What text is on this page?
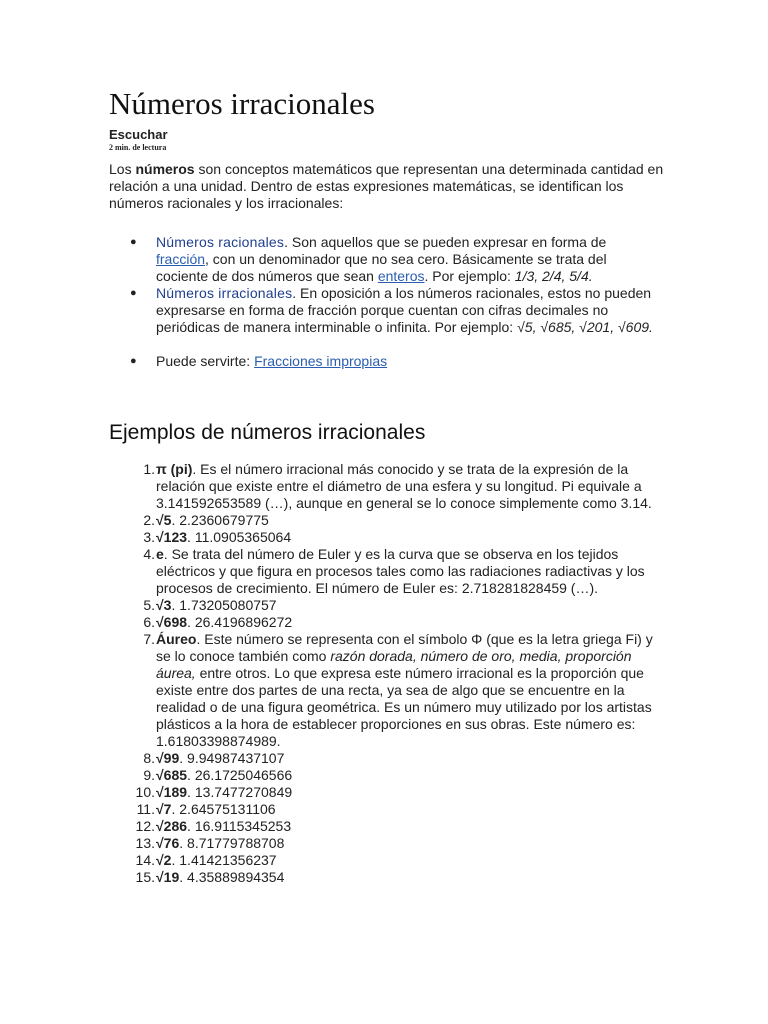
Números irracionales
Escuchar
2 min. de lectura

Los números son conceptos matemáticos que representan una determinada cantidad en relación a una unidad. Dentro de estas expresiones matemáticas, se identifican los números racionales y los irracionales:

● Números racionales. Son aquellos que se pueden expresar en forma de fracción, con un denominador que no sea cero. Básicamente se trata del cociente de dos números que sean enteros. Por ejemplo: 1/3, 2/4, 5/4.
● Números irracionales. En oposición a los números racionales, estos no pueden expresarse en forma de fracción porque cuentan con cifras decimales no periódicas de manera interminable o infinita. Por ejemplo: √5, √685, √201, √609.
● Puede servirte: Fracciones impropias
Ejemplos de números irracionales
1. π (pi). Es el número irracional más conocido y se trata de la expresión de la relación que existe entre el diámetro de una esfera y su longitud. Pi equivale a 3.141592653589 (…), aunque en general se lo conoce simplemente como 3.14.
2. √5. 2.2360679775
3. √123. 11.0905365064
4. e. Se trata del número de Euler y es la curva que se observa en los tejidos eléctricos y que figura en procesos tales como las radiaciones radiactivas y los procesos de crecimiento. El número de Euler es: 2.718281828459 (…).
5. √3. 1.73205080757
6. √698. 26.4196896272
7. Áureo. Este número se representa con el símbolo Φ (que es la letra griega Fi) y se lo conoce también como razón dorada, número de oro, media, proporción áurea, entre otros. Lo que expresa este número irracional es la proporción que existe entre dos partes de una recta, ya sea de algo que se encuentre en la realidad o de una figura geométrica. Es un número muy utilizado por los artistas plásticos a la hora de establecer proporciones en sus obras. Este número es: 1.61803398874989.
8. √99. 9.94987437107
9. √685. 26.1725046566
10. √189. 13.7477270849
11. √7. 2.64575131106
12. √286. 16.9115345253
13. √76. 8.71779788708
14. √2. 1.41421356237
15. √19. 4.35889894354
